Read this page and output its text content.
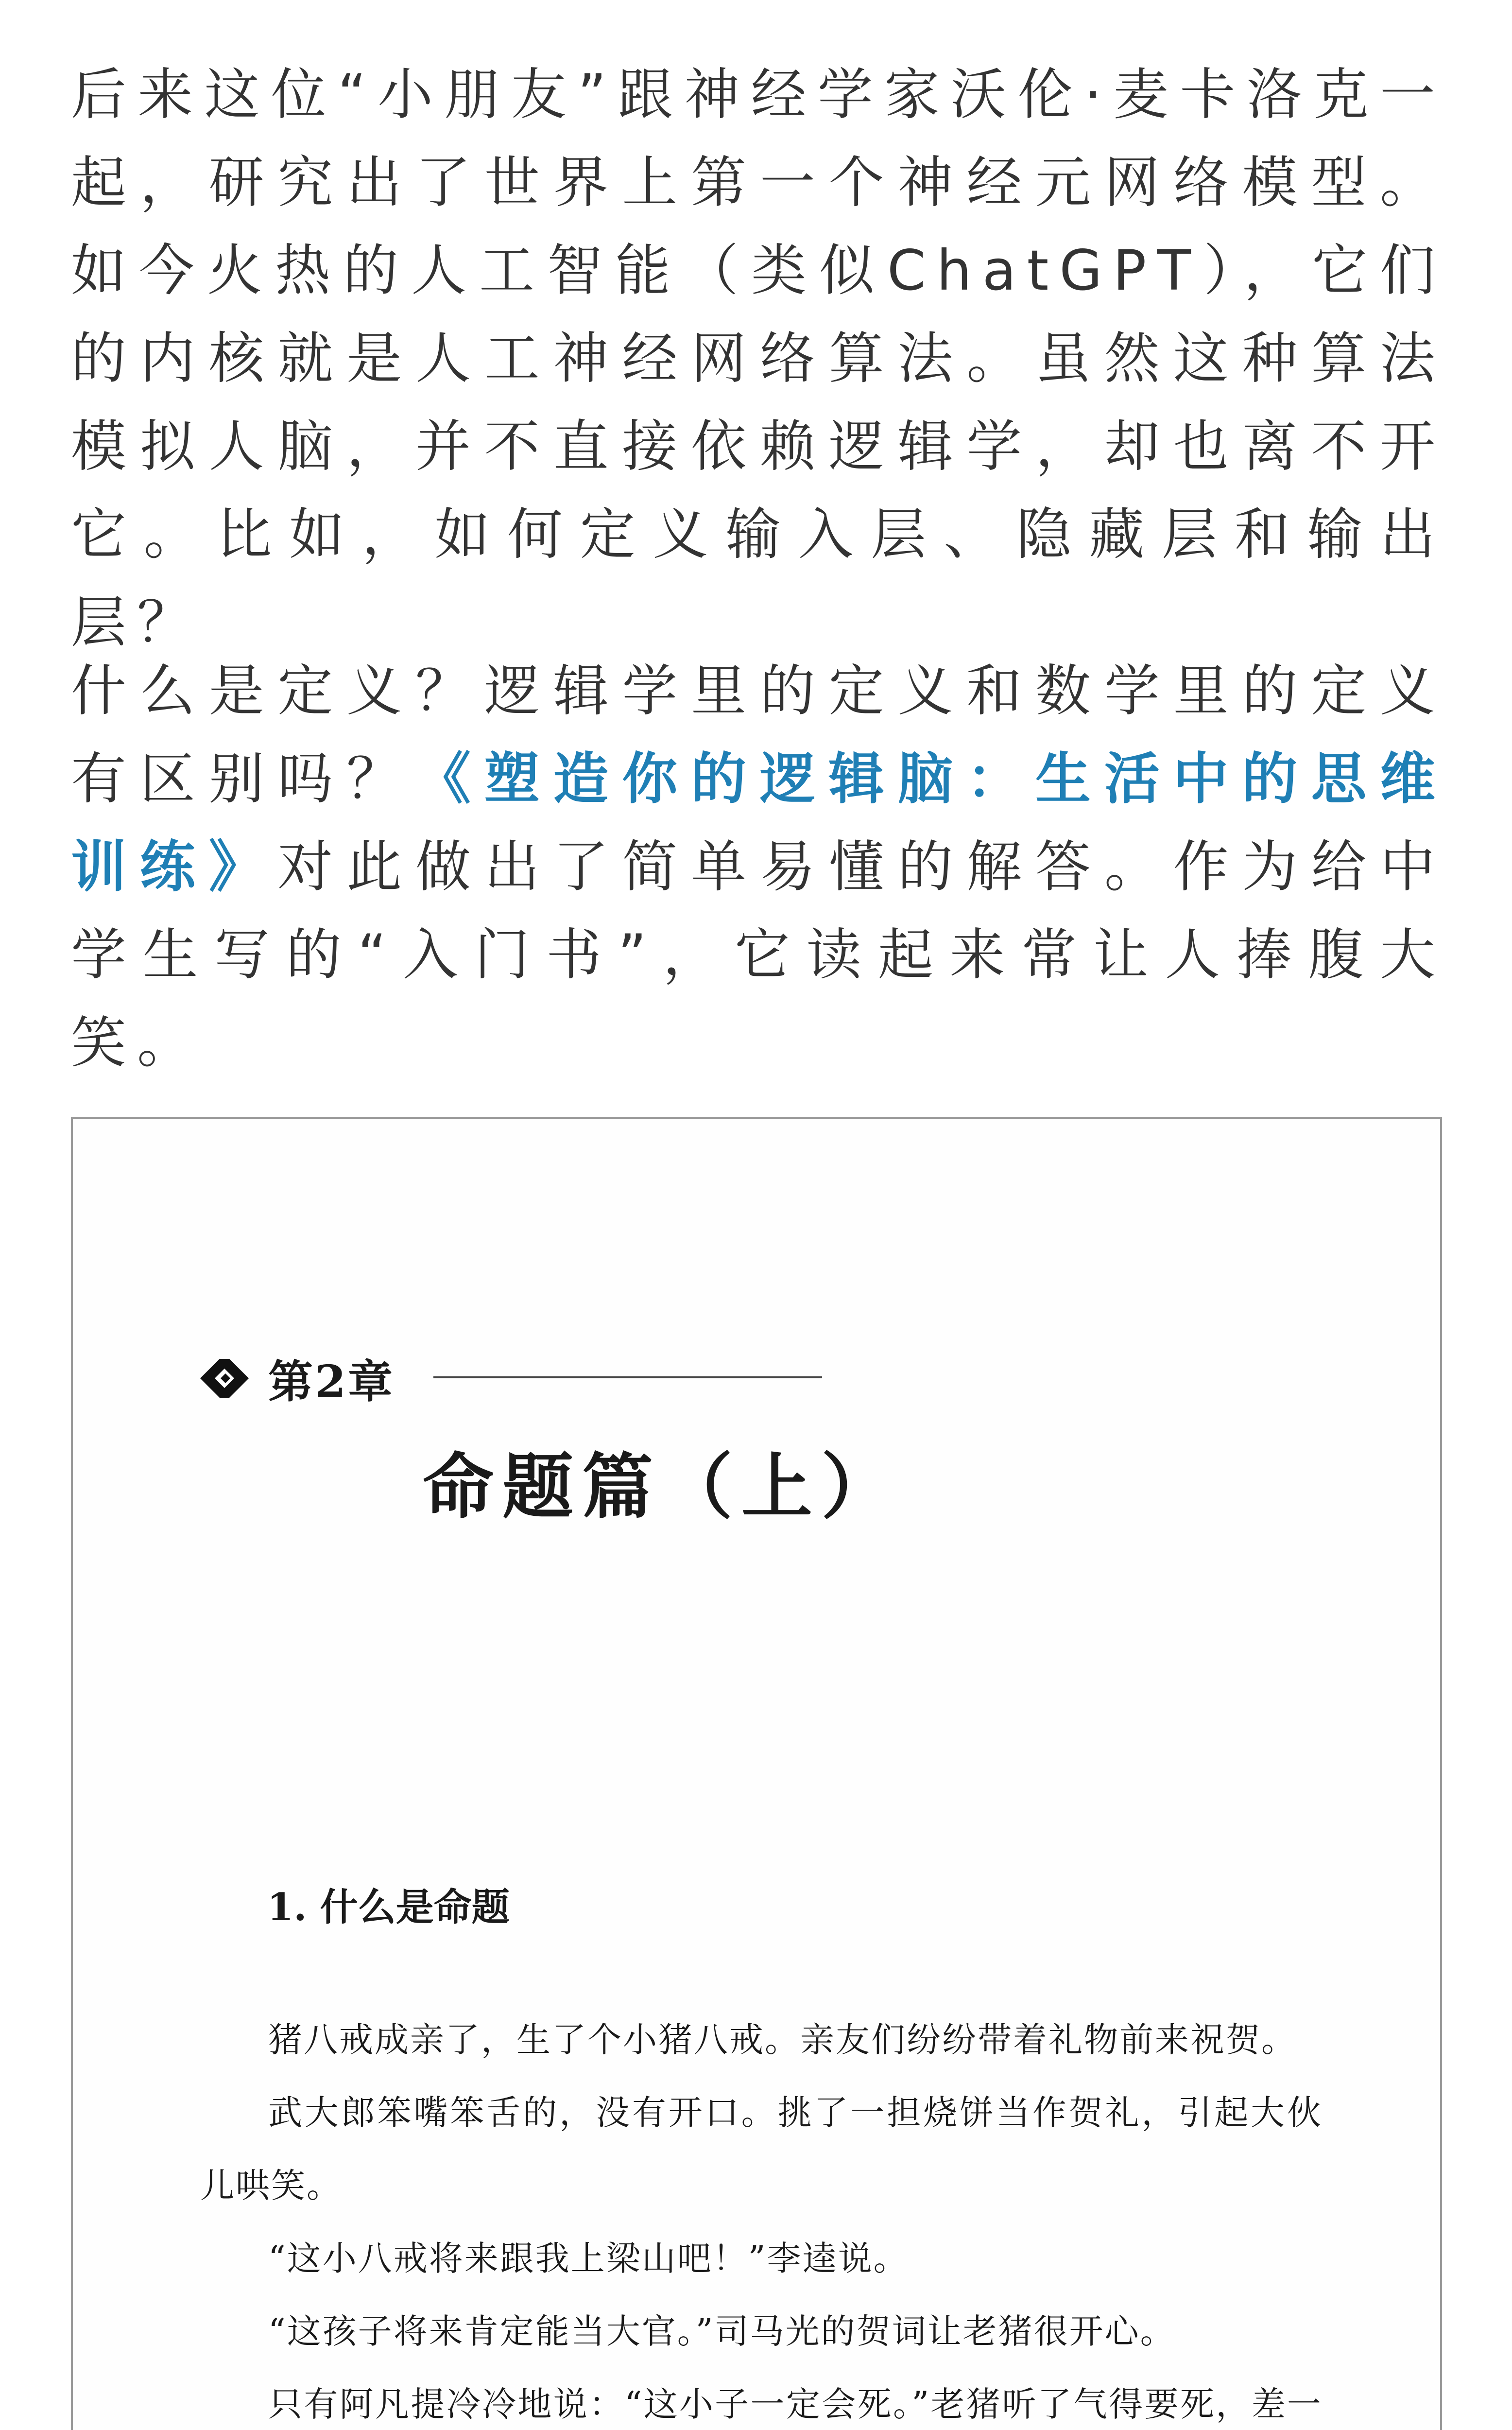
后来这位“小朋友”跟神经学家沃伦·麦卡洛克一起，研究出了世界上第一个神经元网络模型。如今火热的人工智能（类似ChatGPT），它们的内核就是人工神经网络算法。虽然这种算法模拟人脑，并不直接依赖逻辑学，却也离不开它。比如，如何定义输入层、隐藏层和输出层？

什么是定义？逻辑学里的定义和数学里的定义有区别吗？《塑造你的逻辑脑：生活中的思维训练》对此做出了简单易懂的解答。作为给中学生写的“入门书”，它读起来常让人捧腹大笑。

第2章
命题篇（上）
1. 什么是命题

猪八戒成亲了，生了个小猪八戒。亲友们纷纷带着礼物前来祝贺。

武大郎笨嘴笨舌的，没有开口。挑了一担烧饼当作贺礼，引起大伙儿哄笑。

“这小八戒将来跟我上梁山吧！”李逵说。

“这孩子将来肯定能当大官。”司马光的贺词让老猪很开心。

只有阿凡提冷冷地说：“这小子一定会死。”老猪听了气得要死，差一
